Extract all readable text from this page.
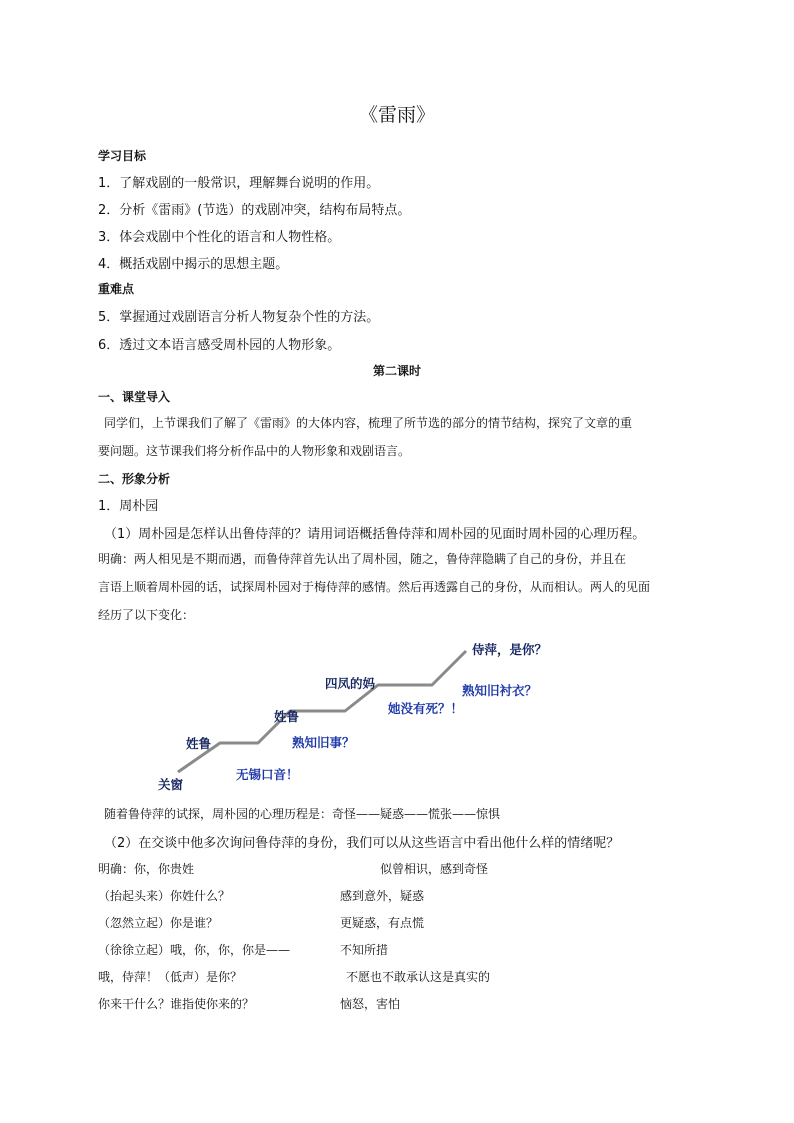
《雷雨》
学习目标
1．了解戏剧的一般常识，理解舞台说明的作用。
2．分析《雷雨》(节选）的戏剧冲突，结构布局特点。
3．体会戏剧中个性化的语言和人物性格。
4．概括戏剧中揭示的思想主题。
重难点
5．掌握通过戏剧语言分析人物复杂个性的方法。
6．透过文本语言感受周朴园的人物形象。
第二课时
一、课堂导入
同学们，上节课我们了解了《雷雨》的大体内容，梳理了所节选的部分的情节结构，探究了文章的重
要问题。这节课我们将分析作品中的人物形象和戏剧语言。
二、形象分析
1．周朴园
（1）周朴园是怎样认出鲁侍萍的？请用词语概括鲁侍萍和周朴园的见面时周朴园的心理历程。
明确：两人相见是不期而遇，而鲁侍萍首先认出了周朴园，随之，鲁侍萍隐瞒了自己的身份，并且在
言语上顺着周朴园的话，试探周朴园对于梅侍萍的感情。然后再透露自己的身份，从而相认。两人的见面
经历了以下变化：
关窗
姓鲁
姓鲁
四凤的妈
侍萍，是你？
无锡口音！
熟知旧事？
她没有死？！
熟知旧衬衣？
随着鲁侍萍的试探，周朴园的心理历程是：奇怪——疑惑——慌张——惊惧
（2）在交谈中他多次询问鲁侍萍的身份，我们可以从这些语言中看出他什么样的情绪呢？
明确：你，你贵姓	似曾相识，感到奇怪
（抬起头来）你姓什么？	感到意外，疑惑
（忽然立起）你是谁？	更疑惑，有点慌
（徐徐立起）哦，你，你，你是——	不知所措
哦，侍萍！（低声）是你？	不愿也不敢承认这是真实的
你来干什么？谁指使你来的？	恼怒，害怕
